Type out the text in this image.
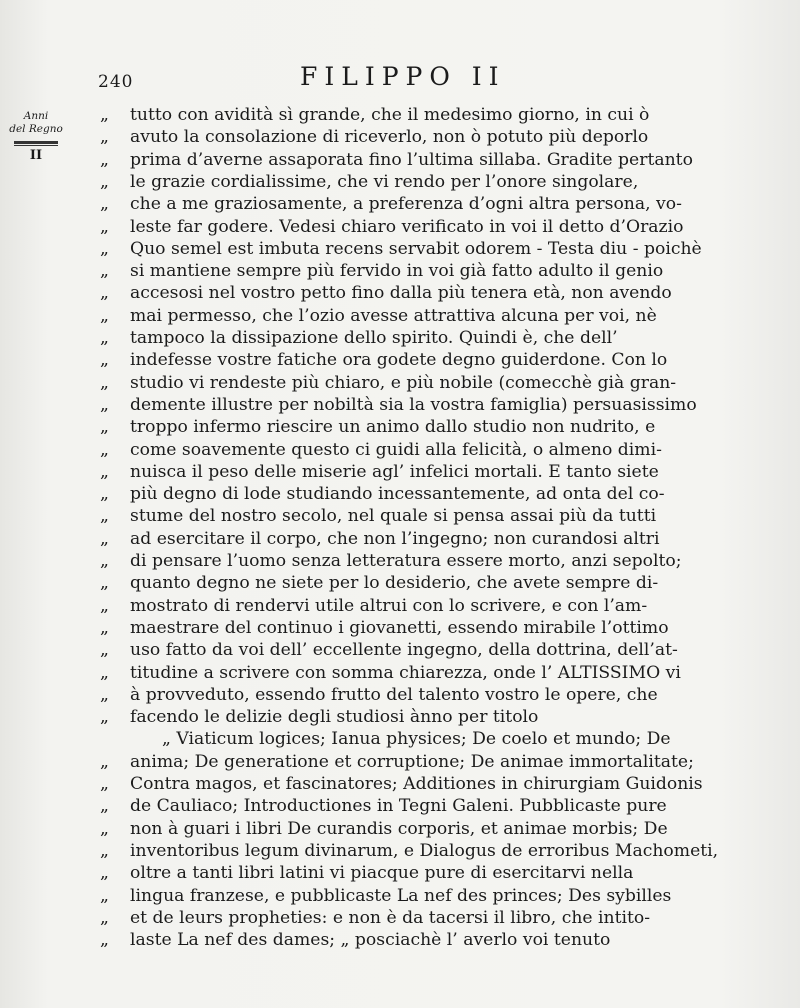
240	FILIPPO II
Anni
del Regno
II
„	tutto con avidità sì grande, che il medesimo giorno, in cui ò
„	avuto la consolazione di riceverlo, non ò potuto più deporlo
„	prima d’averne assaporata fino l’ultima sillaba. Gradite pertanto
„	le grazie cordialissime, che vi rendo per l’onore singolare,
„	che a me graziosamente, a preferenza d’ogni altra persona, vo-
„	leste far godere. Vedesi chiaro verificato in voi il detto d’Orazio
„	Quo semel est imbuta recens servabit odorem - Testa diu - poichè
„	si mantiene sempre più fervido in voi già fatto adulto il genio
„	accesosi nel vostro petto fino dalla più tenera età, non avendo
„	mai permesso, che l’ozio avesse attrattiva alcuna per voi, nè
„	tampoco la dissipazione dello spirito. Quindi è, che dell’
„	indefesse vostre fatiche ora godete degno guiderdone. Con lo
„	studio vi rendeste più chiaro, e più nobile (comecchè già gran-
„	demente illustre per nobiltà sia la vostra famiglia) persuasissimo
„	troppo infermo riescire un animo dallo studio non nudrito, e
„	come soavemente questo ci guidi alla felicità, o almeno dimi-
„	nuisca il peso delle miserie agl’ infelici mortali. E tanto siete
„	più degno di lode studiando incessantemente, ad onta del co-
„	stume del nostro secolo, nel quale si pensa assai più da tutti
„	ad esercitare il corpo, che non l’ingegno; non curandosi altri
„	di pensare l’uomo senza letteratura essere morto, anzi sepolto;
„	quanto degno ne siete per lo desiderio, che avete sempre di-
„	mostrato di rendervi utile altrui con lo scrivere, e con l’am-
„	maestrare del continuo i giovanetti, essendo mirabile l’ottimo
„	uso fatto da voi dell’ eccellente ingegno, della dottrina, dell’at-
„	titudine a scrivere con somma chiarezza, onde l’ ALTISSIMO vi
„	à provveduto, essendo frutto del talento vostro le opere, che
„	facendo le delizie degli studiosi ànno per titolo
„ Viaticum logices; Ianua physices; De coelo et mundo; De
„	anima; De generatione et corruptione; De animae immortalitate;
„	Contra magos, et fascinatores; Additiones in chirurgiam Guidonis
„	de Cauliaco; Introductiones in Tegni Galeni. Pubblicaste pure
„	non à guari i libri De curandis corporis, et animae morbis; De
„	inventoribus legum divinarum, e Dialogus de erroribus Machometi,
„	oltre a tanti libri latini vi piacque pure di esercitarvi nella
„	lingua franzese, e pubblicaste La nef des princes; Des sybilles
„	et de leurs propheties: e non è da tacersi il libro, che intito-
„	laste La nef des dames; „ posciachè l’ averlo voi tenuto
